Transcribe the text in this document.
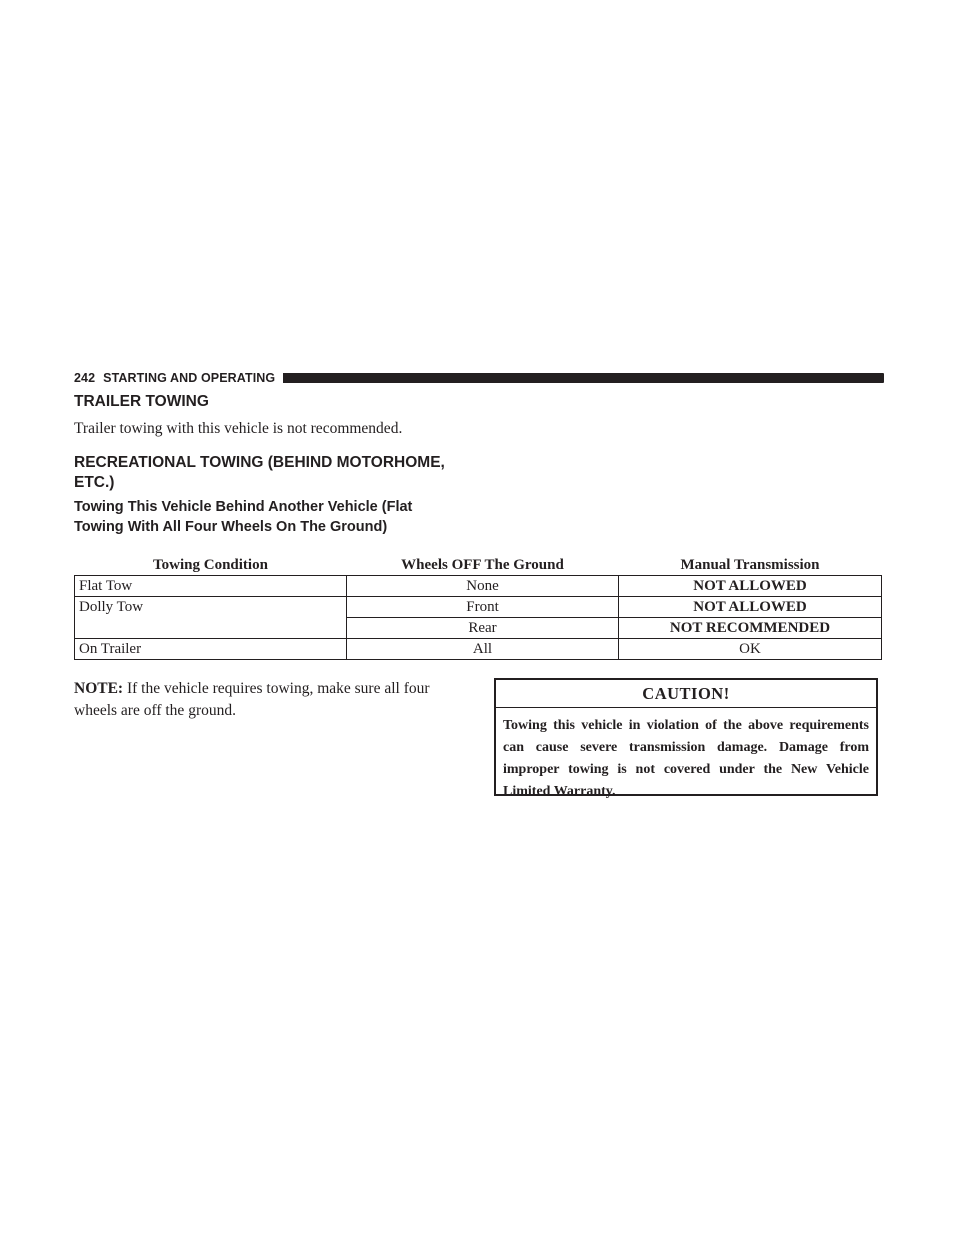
242 STARTING AND OPERATING
TRAILER TOWING

Trailer towing with this vehicle is not recommended.

RECREATIONAL TOWING (BEHIND MOTORHOME,
ETC.)
Towing This Vehicle Behind Another Vehicle (Flat
Towing With All Four Wheels On The Ground)
Towing Condition	Wheels OFF The Ground	Manual Transmission
Flat Tow	None	NOT ALLOWED
Dolly Tow	Front	NOT ALLOWED
	Rear	NOT RECOMMENDED
On Trailer	All	OK

NOTE: If the vehicle requires towing, make sure all four wheels are off the ground.

CAUTION!
Towing this vehicle in violation of the above requirements can cause severe transmission damage. Damage from improper towing is not covered under the New Vehicle Limited Warranty.
